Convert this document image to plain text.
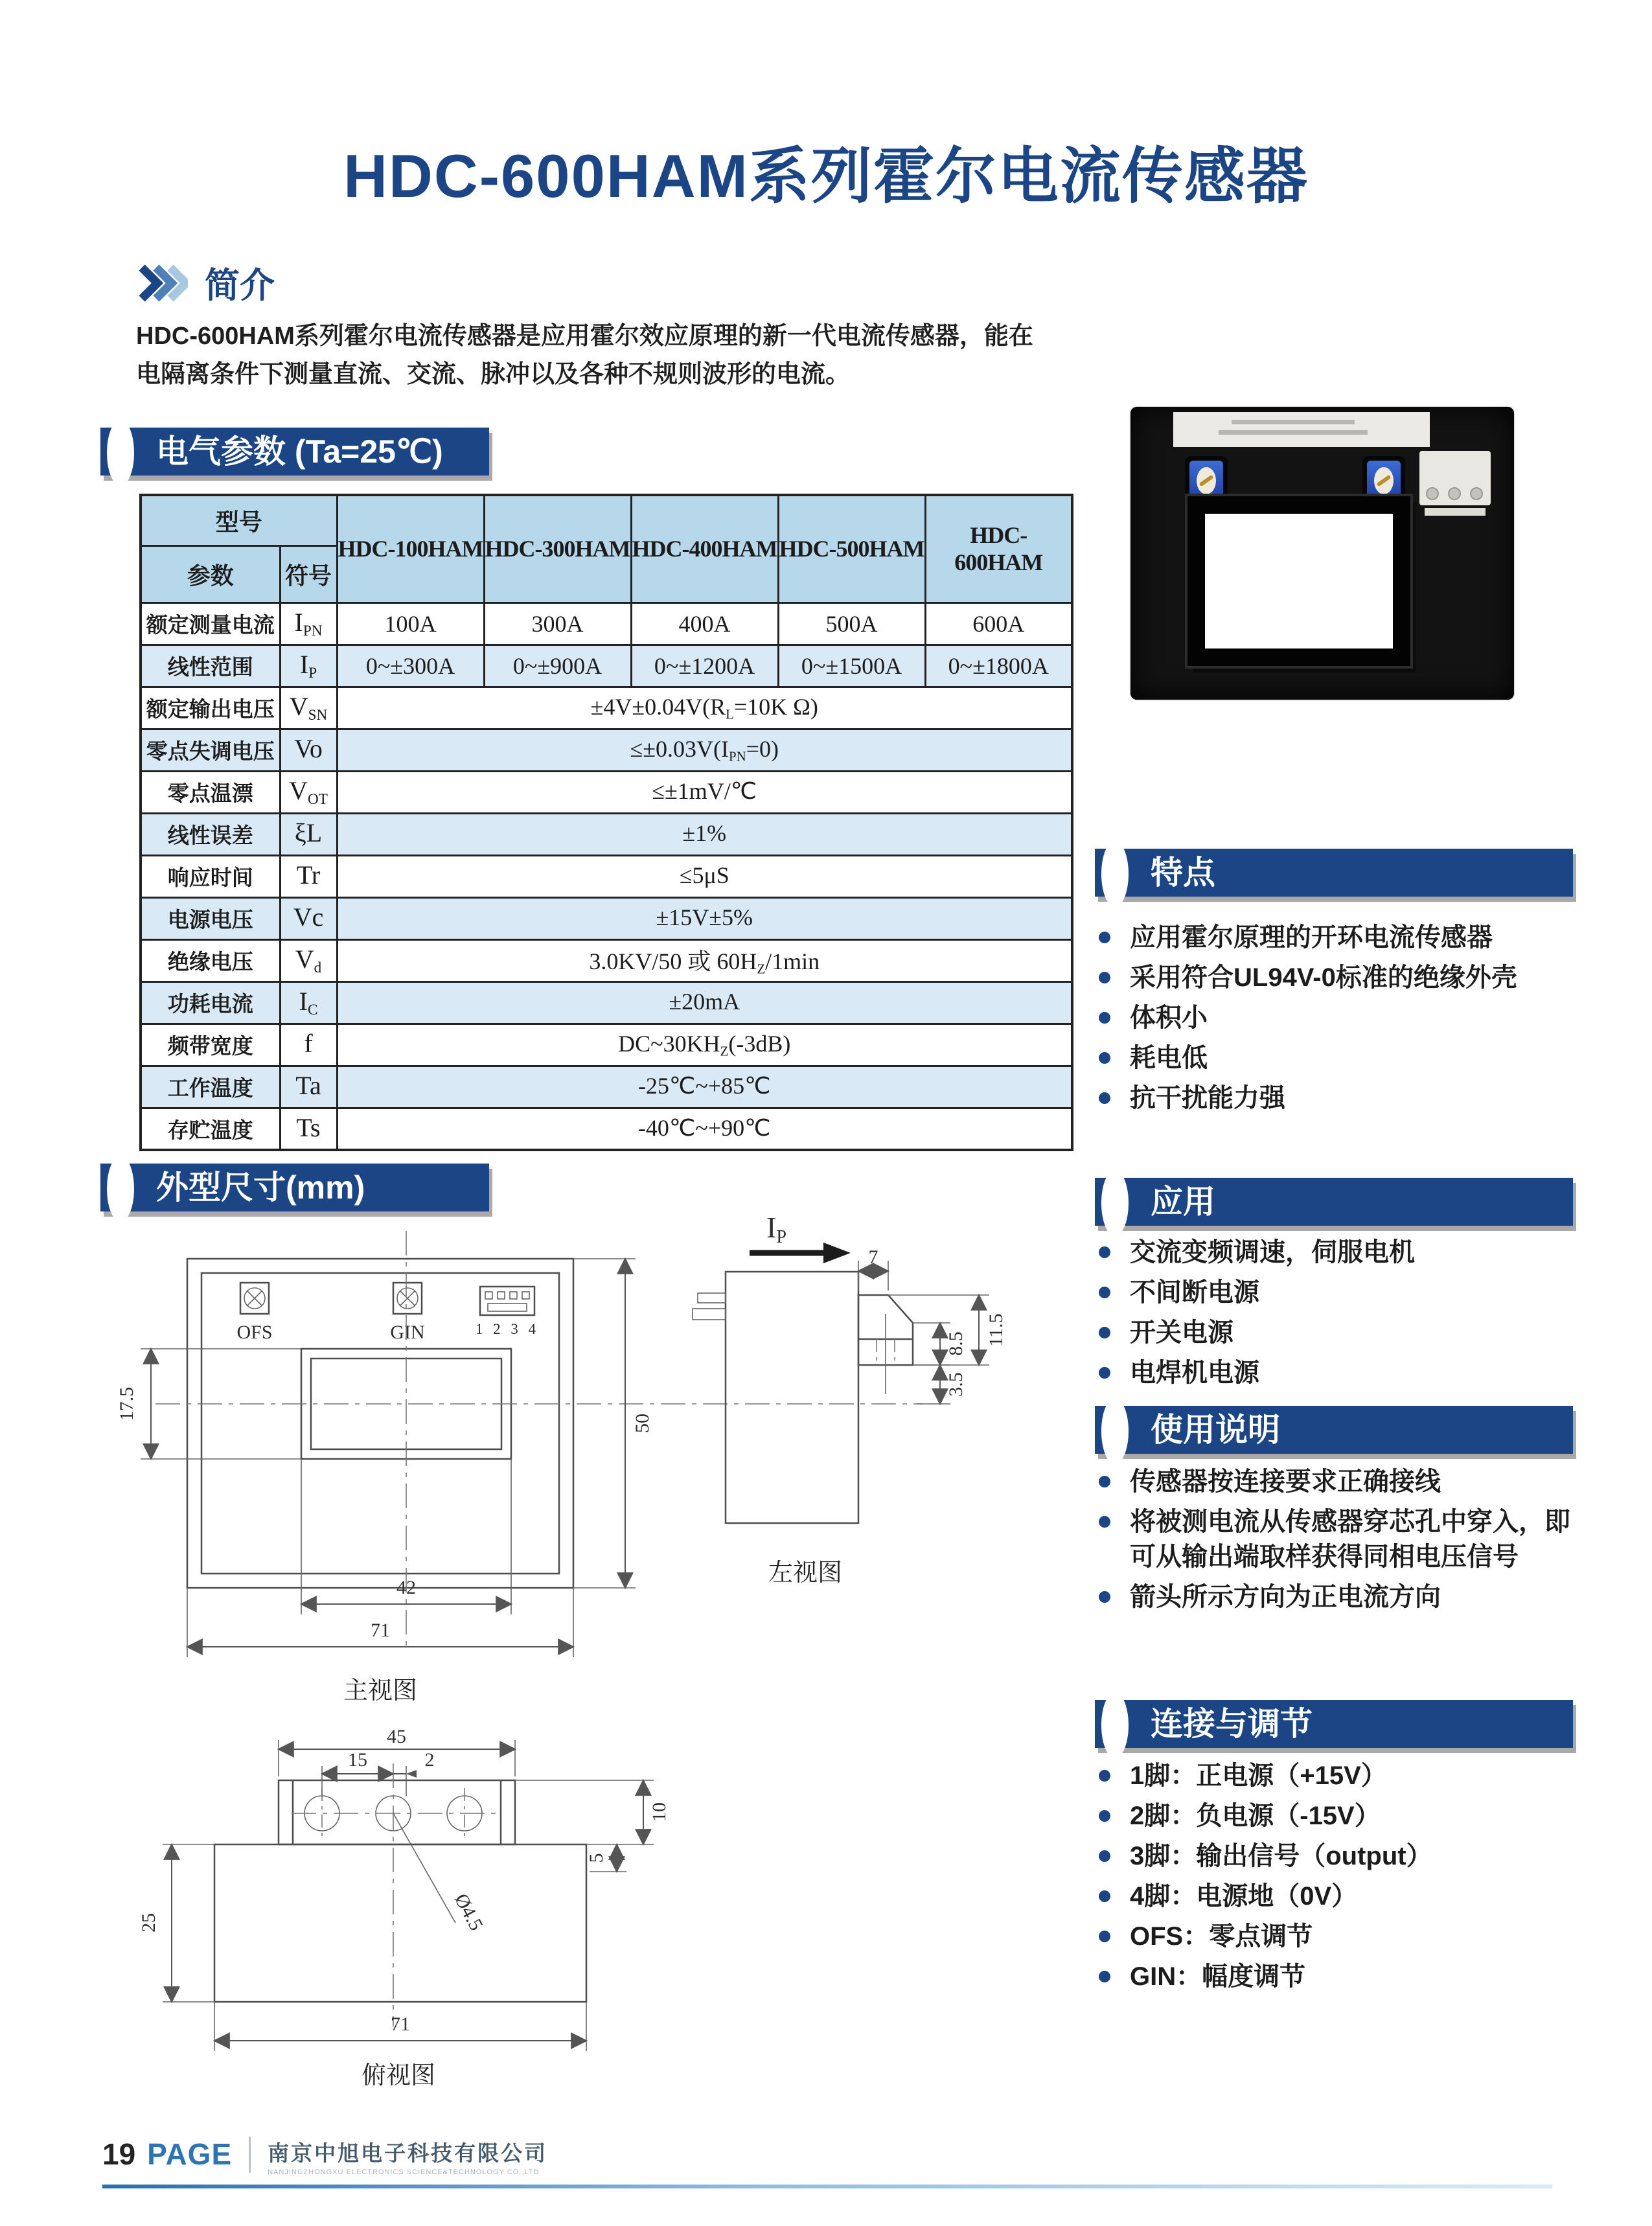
HDC-600HAM系列霍尔电流传感器
简介

HDC-600HAM系列霍尔电流传感器是应用霍尔效应原理的新一代电流传感器，能在电隔离条件下测量直流、交流、脉冲以及各种不规则波形的电流。

电气参数 (Ta=25℃)
外型尺寸(mm)
特点
应用
使用说明
连接与调节
型号		HDC-100HAM	HDC-300HAM	HDC-400HAM	HDC-500HAM	HDC-600HAM
参数	符号					
额定测量电流	$I_{PN}$	100A	300A	400A	500A	600A
线性范围	$I_P$	0~±300A	0~±900A	0~±1200A	0~±1500A	0~±1800A
额定输出电压	$V_{SN}$	$\pm 4V\pm 0.04V(R_L=10K$ Ω)				
零点失调电压	Vo	$\le\pm 0.03V(I_{PN}=0)$				
零点温漂	$V_{OT}$	≤±1mV/℃				
线性误差	ξL	±1%				
响应时间	Tr	≤5μS				
电源电压	Vc	±15V±5%				
绝缘电压	$V_d$	3.0KV/50 或 $60H_Z/1\min$				
功耗电流	$I_C$	±20mA				
频带宽度	f	$DC\sim 30KH_Z(-3dB)$				
工作温度	Ta	-25℃~+85℃				
存贮温度	Ts	-40℃~+90℃				
应用霍尔原理的开环电流传感器
采用符合UL94V-0标准的绝缘外壳
体积小
耗电低
抗干扰能力强
交流变频调速，伺服电机
不间断电源
开关电源
电焊机电源
传感器按连接要求正确接线
将被测电流从传感器穿芯孔中穿入，即可从输出端取样获得同相电压信号
箭头所示方向为正电流方向
1脚：正电源（+15V）
2脚：负电源（-15V）
3脚：输出信号（output）
4脚：电源地（0V）
OFS：零点调节
GIN：幅度调节
OFS	GIN	1 2 3 4
17.5
50
42
71
主视图
IP
7
8.5 11.5
3.5
左视图
45
15	2
Ø4.5
10
5
25
71
俯视图
19 PAGE 南京中旭电子科技有限公司
NANJINGZHONGXU ELECTRONICS SCIENCE&TECHNOLOGY CO.,LTD
